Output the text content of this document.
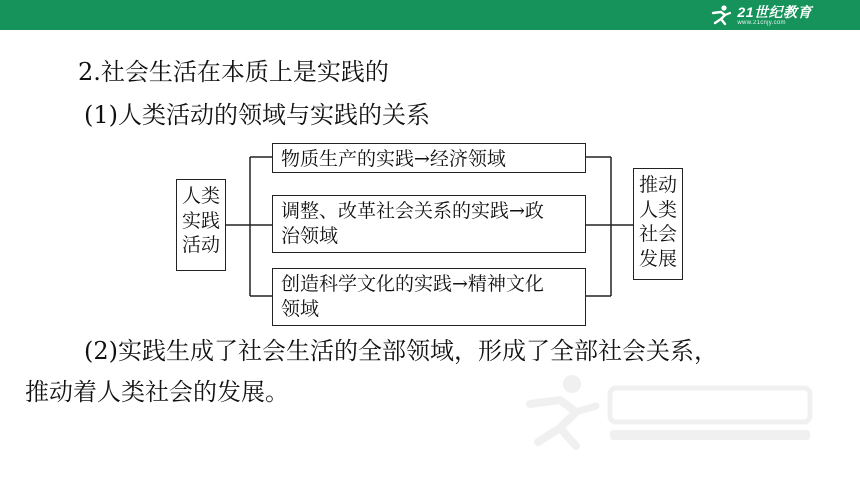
21世纪教育
www.21cnjy.com
2.社会生活在本质上是实践的
(1)人类活动的领域与实践的关系
人类
实践
活动
物质生产的实践→经济领域
调整、改革社会关系的实践→政
治领域
创造科学文化的实践→精神文化
领域
推动
人类
社会
发展
(2)实践生成了社会生活的全部领域，形成了全部社会关系，
推动着人类社会的发展。
